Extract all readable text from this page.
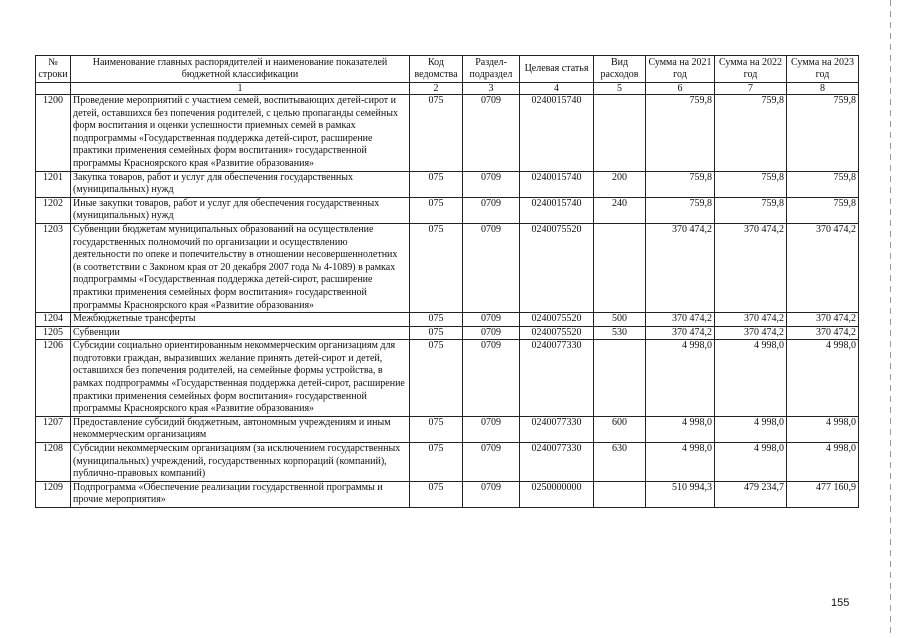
№ строки	Наименование главных распорядителей и наименование показателей бюджетной классификации	Код ведомства	Раздел-подраздел	Целевая статья	Вид расходов	Сумма на 2021 год	Сумма на 2022 год	Сумма на 2023 год
	1	2	3	4	5	6	7	8
1200	Проведение мероприятий с участием семей, воспитывающих детей-сирот и детей, оставшихся без попечения родителей, с целью пропаганды семейных форм воспитания и оценки успешности приемных семей в рамках подпрограммы «Государственная поддержка детей-сирот, расширение практики применения семейных форм воспитания» государственной программы Красноярского края «Развитие образования»	075	0709	0240015740		759,8	759,8	759,8
1201	Закупка товаров, работ и услуг для обеспечения государственных (муниципальных) нужд	075	0709	0240015740	200	759,8	759,8	759,8
1202	Иные закупки товаров, работ и услуг для обеспечения государственных (муниципальных) нужд	075	0709	0240015740	240	759,8	759,8	759,8
1203	Субвенции бюджетам муниципальных образований на осуществление государственных полномочий по организации и осуществлению деятельности по опеке и попечительству в отношении несовершеннолетних (в соответствии с Законом края от 20 декабря 2007 года № 4-1089) в рамках подпрограммы «Государственная поддержка детей-сирот, расширение практики применения семейных форм воспитания» государственной программы Красноярского края «Развитие образования»	075	0709	0240075520		370 474,2	370 474,2	370 474,2
1204	Межбюджетные трансферты	075	0709	0240075520	500	370 474,2	370 474,2	370 474,2
1205	Субвенции	075	0709	0240075520	530	370 474,2	370 474,2	370 474,2
1206	Субсидии социально ориентированным некоммерческим организациям для подготовки граждан, выразивших желание принять детей-сирот и детей, оставшихся без попечения родителей, на семейные формы устройства, в рамках подпрограммы «Государственная поддержка детей-сирот, расширение практики применения семейных форм воспитания» государственной программы Красноярского края «Развитие образования»	075	0709	0240077330		4 998,0	4 998,0	4 998,0
1207	Предоставление субсидий бюджетным, автономным учреждениям и иным некоммерческим организациям	075	0709	0240077330	600	4 998,0	4 998,0	4 998,0
1208	Субсидии некоммерческим организациям (за исключением государственных (муниципальных) учреждений, государственных корпораций (компаний), публично-правовых компаний)	075	0709	0240077330	630	4 998,0	4 998,0	4 998,0
1209	Подпрограмма «Обеспечение реализации государственной программы и прочие мероприятия»	075	0709	0250000000		510 994,3	479 234,7	477 160,9
155
